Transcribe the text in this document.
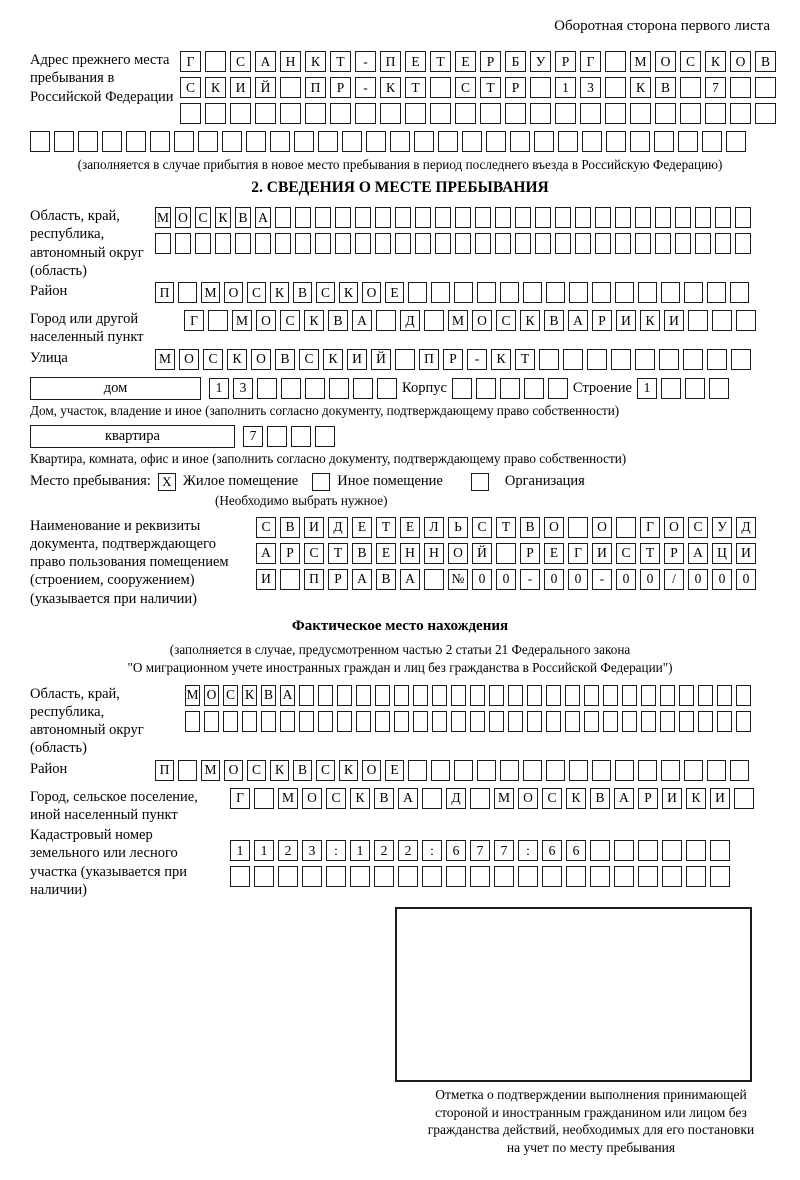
Оборотная сторона первого листа
Адрес прежнего места пребывания в Российской Федерации
Г	С	А	Н	К	Т	-	П	Е	Т	Е	Р	Б	У	Р	Г	М	О	С	К	О	В
С	К	И	Й	П	Р	-	К	Т	С	Т	Р	1	3	К	В	7
(заполняется в случае прибытия в новое место пребывания в период последнего въезда в Российскую Федерацию)
2. СВЕДЕНИЯ О МЕСТЕ ПРЕБЫВАНИЯ
Область, край, республика, автономный округ (область)
М О С К В А
Район	П	М О	С	К	В	С	К	О	Е
Город или другой населенный пункт
Г	М О	С	К	В	А	Д	М О	С	К	В	А	Р	И	К	И
Улица	М О	С	К	О	В	С	К	И	Й	П	Р	-	К	Т
дом	1	3	Корпус	Строение 1
Дом, участок, владение и иное (заполнить согласно документу, подтверждающему право собственности)
квартира	7
Квартира, комната, офис и иное (заполнить согласно документу, подтверждающему право собственности)
Место пребывания: X Жилое помещение	Иное помещение	Организация
(Необходимо выбрать нужное)
Наименование и реквизиты документа, подтверждающего право пользования помещением (строением, сооружением) (указывается при наличии)
С	В	И	Д	Е	Т	Е	Л	Ь	С	Т	В	О	О	Г	О	С	У	Д
А	Р	С	Т	В	Е	Н	Н	О	Й	Р	Е	Г	И	С	Т	Р	А	Ц	И
И	П	Р	А	В	А	№	0	0	-	0	0	-	0	0	/	0	0	0
Фактическое место нахождения
(заполняется в случае, предусмотренном частью 2 статьи 21 Федерального закона
"О миграционном учете иностранных граждан и лиц без гражданства в Российской Федерации")
Область, край, республика, автономный округ (область)
М О С К В А
Район	П	М О	С	К	В	С	К	О	Е
Город, сельское поселение, иной населенный пункт
Г	М О	С	К	В	А	Д	М О	С	К	В	А	Р	И	К	И
Кадастровый номер земельного или лесного участка (указывается при наличии)
1	1	2	3	:	1	2	2	:	6	7	7	:	6	6
Отметка о подтверждении выполнения принимающей
стороной и иностранным гражданином или лицом без
гражданства действий, необходимых для его постановки
на учет по месту пребывания
